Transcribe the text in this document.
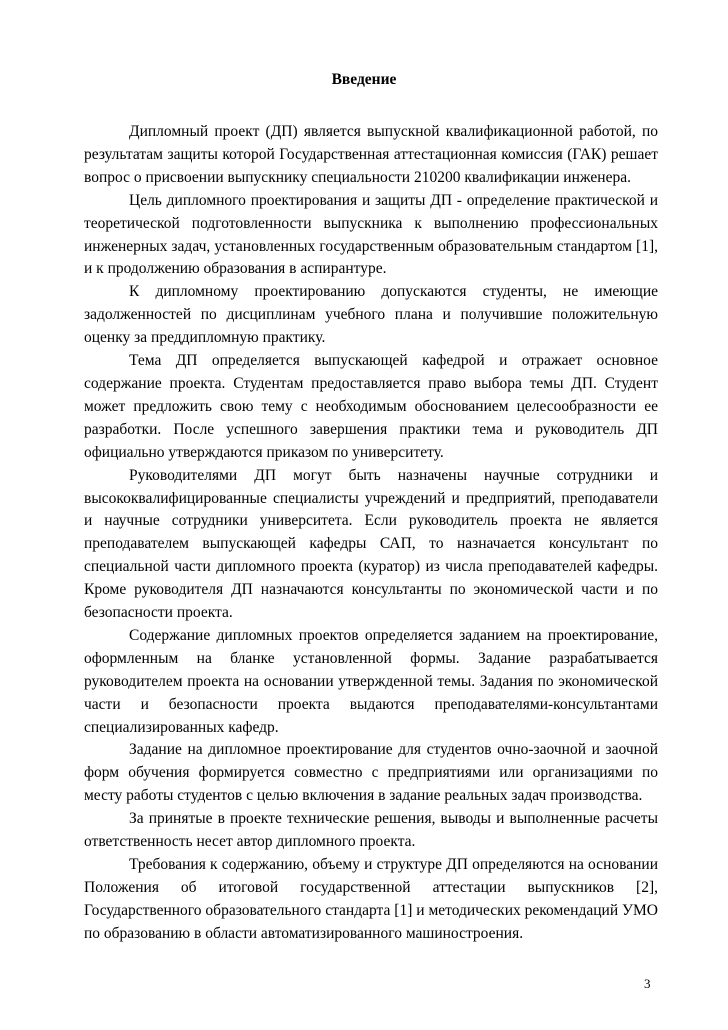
Введение

Дипломный проект (ДП) является выпускной квалификационной работой, по результатам защиты которой Государственная аттестационная комиссия (ГАК) решает вопрос о присвоении выпускнику специальности 210200 квалификации инженера.

Цель дипломного проектирования и защиты ДП - определение практической и теоретической подготовленности выпускника к выполнению профессиональных инженерных задач, установленных государственным образовательным стандартом [1], и к продолжению образования в аспирантуре.

К дипломному проектированию допускаются студенты, не имеющие задолженностей по дисциплинам учебного плана и получившие положительную оценку за преддипломную практику.

Тема ДП определяется выпускающей кафедрой и отражает основное содержание проекта. Студентам предоставляется право выбора темы ДП. Студент может предложить свою тему с необходимым обоснованием целесообразности ее разработки. После успешного завершения практики тема и руководитель ДП официально утверждаются приказом по университету.

Руководителями ДП могут быть назначены научные сотрудники и высококвалифицированные специалисты учреждений и предприятий, преподаватели и научные сотрудники университета. Если руководитель проекта не является преподавателем выпускающей кафедры САП, то назначается консультант по специальной части дипломного проекта (куратор) из числа преподавателей кафедры. Кроме руководителя ДП назначаются консультанты по экономической части и по безопасности проекта.

Содержание дипломных проектов определяется заданием на проектирование, оформленным на бланке установленной формы. Задание разрабатывается руководителем проекта на основании утвержденной темы. Задания по экономической части и безопасности проекта выдаются преподавателями-консультантами специализированных кафедр.

Задание на дипломное проектирование для студентов очно-заочной и заочной форм обучения формируется совместно с предприятиями или организациями по месту работы студентов с целью включения в задание реальных задач производства.

За принятые в проекте технические решения, выводы и выполненные расчеты ответственность несет автор дипломного проекта.

Требования к содержанию, объему и структуре ДП определяются на основании Положения об итоговой государственной аттестации выпускников [2], Государственного образовательного стандарта [1] и методических рекомендаций УМО по образованию в области автоматизированного машиностроения.

3
